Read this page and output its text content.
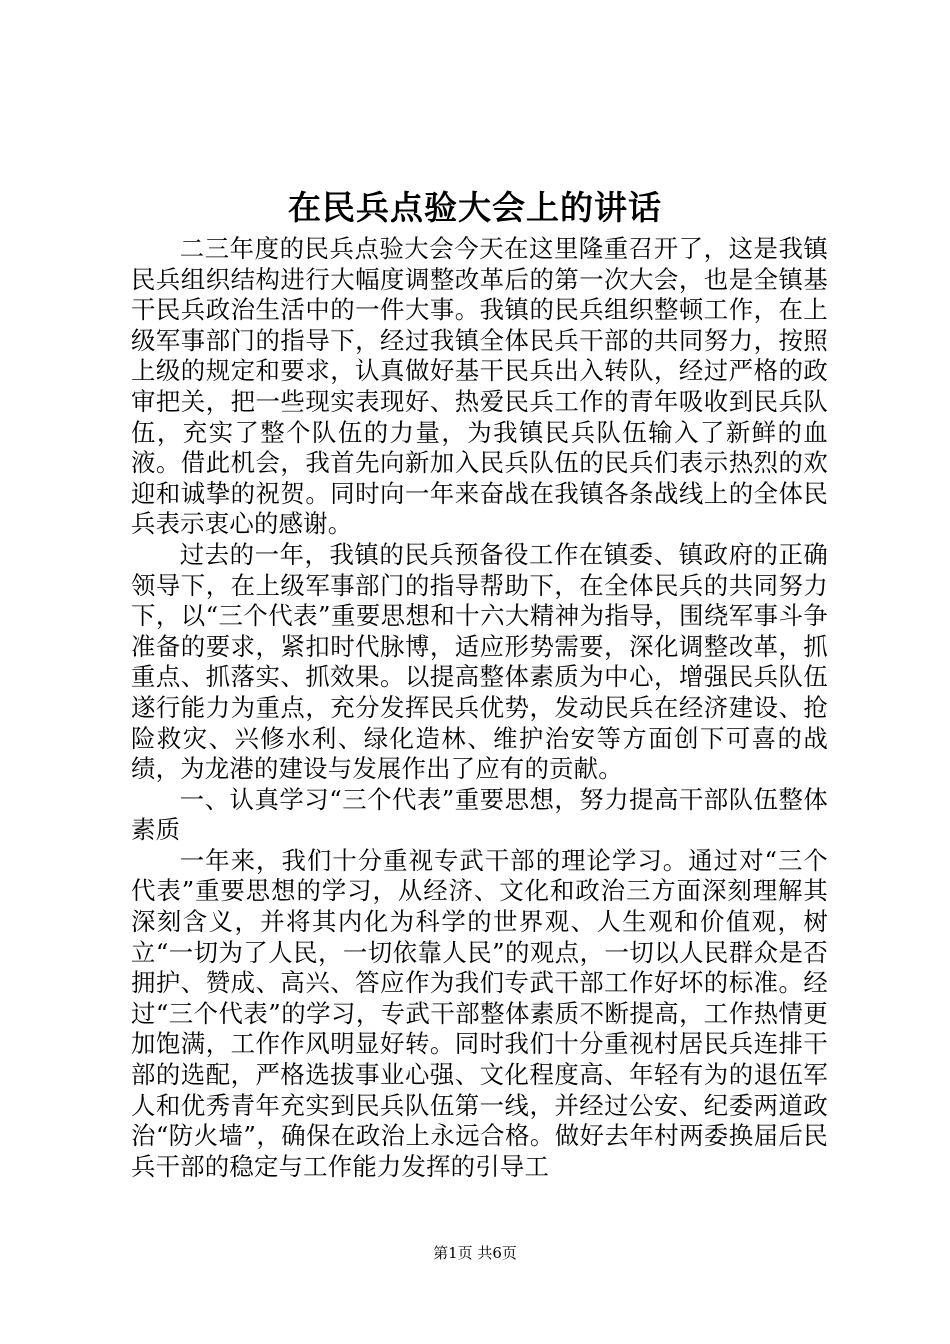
在民兵点验大会上的讲话

二三年度的民兵点验大会今天在这里隆重召开了，这是我镇民兵组织结构进行大幅度调整改革后的第一次大会，也是全镇基干民兵政治生活中的一件大事。我镇的民兵组织整顿工作，在上级军事部门的指导下，经过我镇全体民兵干部的共同努力，按照上级的规定和要求，认真做好基干民兵出入转队，经过严格的政审把关，把一些现实表现好、热爱民兵工作的青年吸收到民兵队伍，充实了整个队伍的力量，为我镇民兵队伍输入了新鲜的血液。借此机会，我首先向新加入民兵队伍的民兵们表示热烈的欢迎和诚挚的祝贺。同时向一年来奋战在我镇各条战线上的全体民兵表示衷心的感谢。

过去的一年，我镇的民兵预备役工作在镇委、镇政府的正确领导下，在上级军事部门的指导帮助下，在全体民兵的共同努力下，以“三个代表”重要思想和十六大精神为指导，围绕军事斗争准备的要求，紧扣时代脉博，适应形势需要，深化调整改革，抓重点、抓落实、抓效果。以提高整体素质为中心，增强民兵队伍遂行能力为重点，充分发挥民兵优势，发动民兵在经济建设、抢险救灾、兴修水利、绿化造林、维护治安等方面创下可喜的战绩，为龙港的建设与发展作出了应有的贡献。

一、认真学习“三个代表”重要思想，努力提高干部队伍整体素质

一年来，我们十分重视专武干部的理论学习。通过对“三个代表”重要思想的学习，从经济、文化和政治三方面深刻理解其深刻含义，并将其内化为科学的世界观、人生观和价值观，树立“一切为了人民，一切依靠人民”的观点，一切以人民群众是否拥护、赞成、高兴、答应作为我们专武干部工作好坏的标准。经过“三个代表”的学习，专武干部整体素质不断提高，工作热情更加饱满，工作作风明显好转。同时我们十分重视村居民兵连排干部的选配，严格选拔事业心强、文化程度高、年轻有为的退伍军人和优秀青年充实到民兵队伍第一线，并经过公安、纪委两道政治“防火墙”，确保在政治上永远合格。做好去年村两委换届后民兵干部的稳定与工作能力发挥的引导工

第1页 共6页
